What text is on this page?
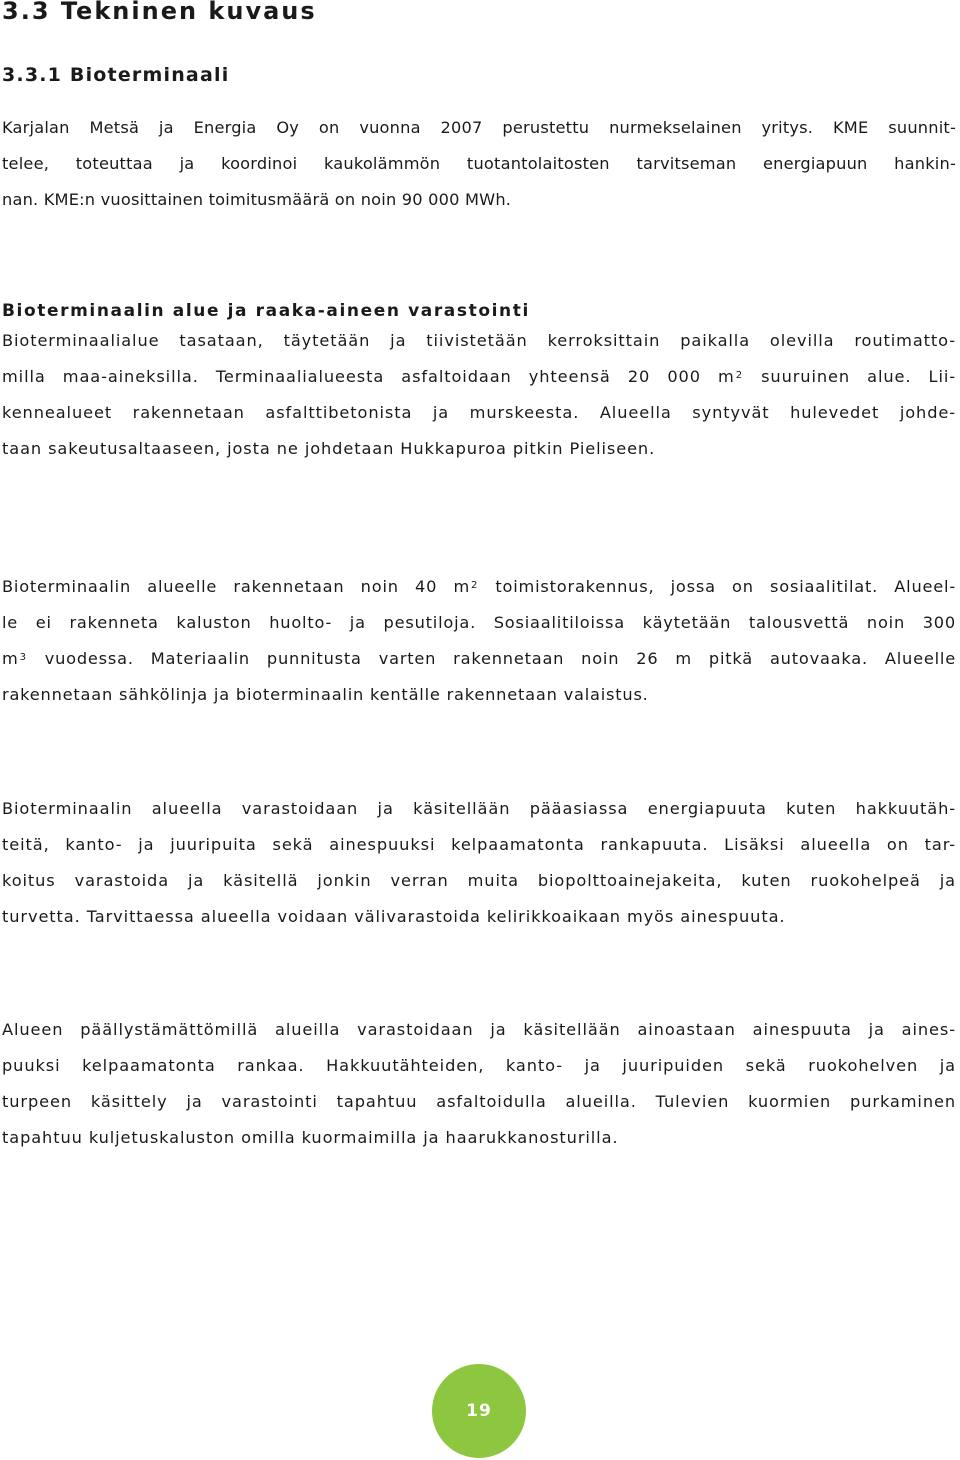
3.3 Tekninen kuvaus
3.3.1 Bioterminaali
Karjalan Metsä ja Energia Oy on vuonna 2007 perustettu nurmekselainen yritys. KME suunnit-
telee, toteuttaa ja koordinoi kaukolämmön tuotantolaitosten tarvitseman energiapuun hankin-
nan. KME:n vuosittainen toimitusmäärä on noin 90 000 MWh.
Bioterminaalin alue ja raaka-aineen varastointi
Bioterminaalialue tasataan, täytetään ja tiivistetään kerroksittain paikalla olevilla routimatto-
milla maa-aineksilla. Terminaalialueesta asfaltoidaan yhteensä 20 000 $m^2$ suuruinen alue. Lii-
kennealueet rakennetaan asfalttibetonista ja murskeesta. Alueella syntyvät hulevedet johde-
taan sakeutusaltaaseen, josta ne johdetaan Hukkapuroa pitkin Pieliseen.
Bioterminaalin alueelle rakennetaan noin 40 $m^2$ toimistorakennus, jossa on sosiaalitilat. Alueel-
le ei rakenneta kaluston huolto- ja pesutiloja. Sosiaalitiloissa käytetään talousvettä noin 300
$m^3$ vuodessa. Materiaalin punnitusta varten rakennetaan noin 26 m pitkä autovaaka. Alueelle
rakennetaan sähkölinja ja bioterminaalin kentälle rakennetaan valaistus.
Bioterminaalin alueella varastoidaan ja käsitellään pääasiassa energiapuuta kuten hakkuutäh-
teitä, kanto- ja juuripuita sekä ainespuuksi kelpaamatonta rankapuuta. Lisäksi alueella on tar-
koitus varastoida ja käsitellä jonkin verran muita biopolttoainejakeita, kuten ruokohelpeä ja
turvetta. Tarvittaessa alueella voidaan välivarastoida kelirikkoaikaan myös ainespuuta.
Alueen päällystämättömillä alueilla varastoidaan ja käsitellään ainoastaan ainespuuta ja aines-
puuksi kelpaamatonta rankaa. Hakkuutähteiden, kanto- ja juuripuiden sekä ruokohelven ja
turpeen käsittely ja varastointi tapahtuu asfaltoidulla alueilla. Tulevien kuormien purkaminen
tapahtuu kuljetuskaluston omilla kuormaimilla ja haarukkanosturilla.
19
